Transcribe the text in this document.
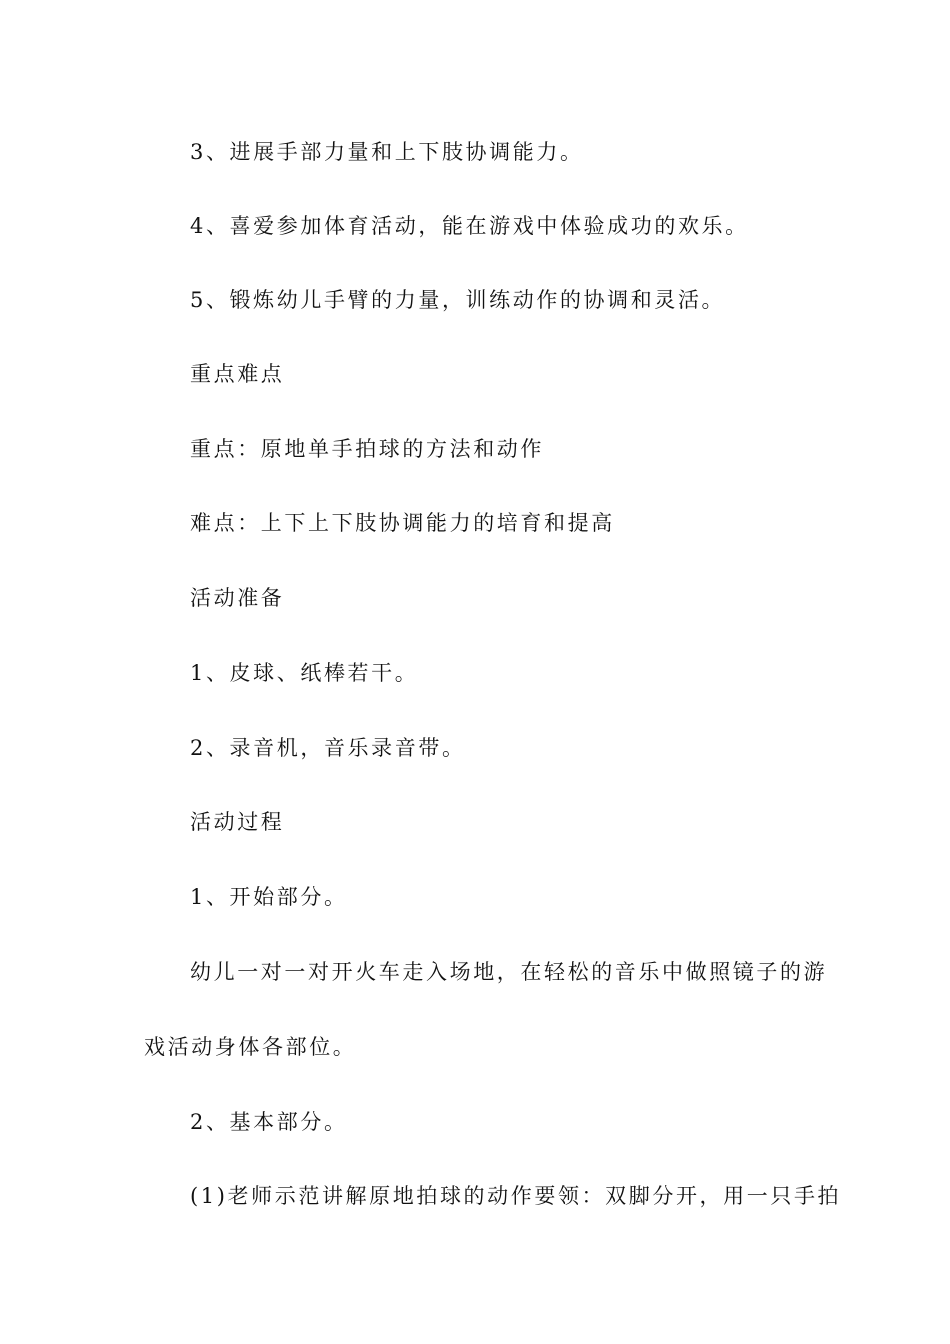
3、进展手部力量和上下肢协调能力。
4、喜爱参加体育活动，能在游戏中体验成功的欢乐。
5、锻炼幼儿手臂的力量，训练动作的协调和灵活。
重点难点
重点：原地单手拍球的方法和动作
难点：上下上下肢协调能力的培育和提高
活动准备
1、皮球、纸棒若干。
2、录音机，音乐录音带。
活动过程
1、开始部分。
幼儿一对一对开火车走入场地，在轻松的音乐中做照镜子的游
戏活动身体各部位。
2、基本部分。
(1)老师示范讲解原地拍球的动作要领：双脚分开，用一只手拍
